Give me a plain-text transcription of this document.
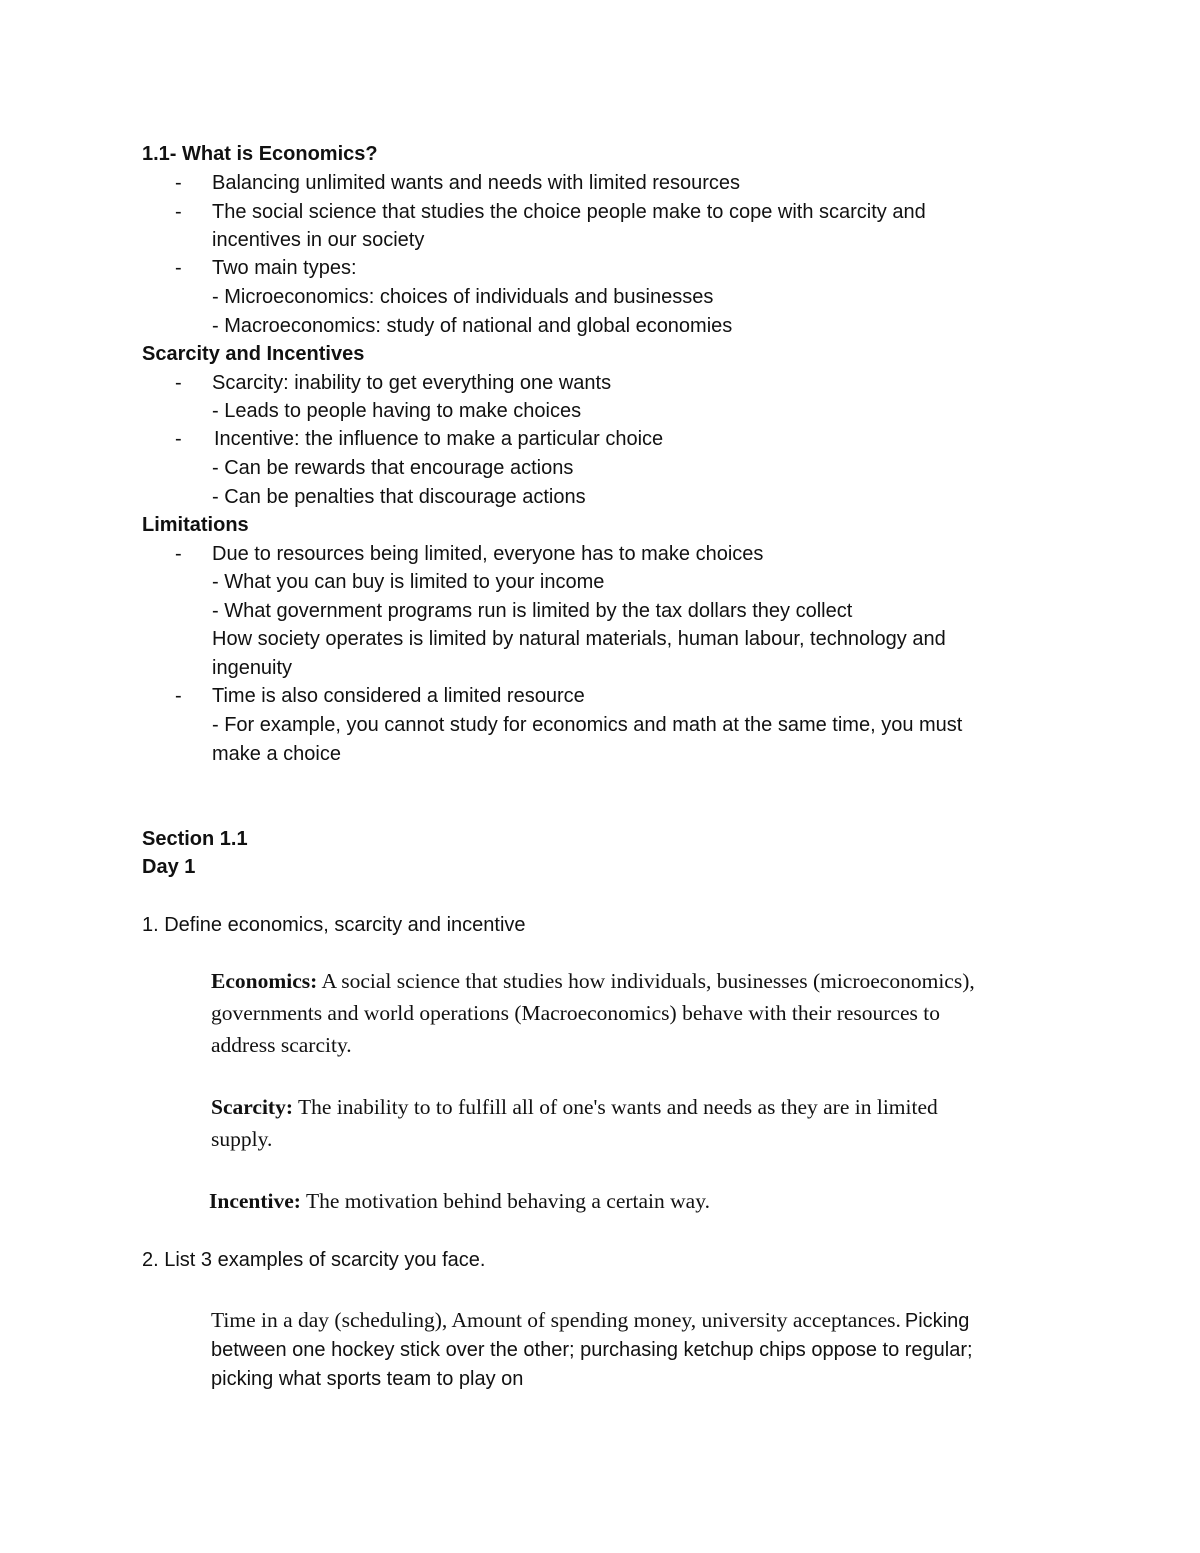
1.1- What is Economics?
- Balancing unlimited wants and needs with limited resources
- The social science that studies the choice people make to cope with scarcity and
incentives in our society
- Two main types:
- Microeconomics: choices of individuals and businesses
- Macroeconomics: study of national and global economies
Scarcity and Incentives
- Scarcity: inability to get everything one wants
- Leads to people having to make choices
- Incentive: the influence to make a particular choice
- Can be rewards that encourage actions
- Can be penalties that discourage actions
Limitations
- Due to resources being limited, everyone has to make choices
- What you can buy is limited to your income
- What government programs run is limited by the tax dollars they collect
How society operates is limited by natural materials, human labour, technology and
ingenuity
- Time is also considered a limited resource
- For example, you cannot study for economics and math at the same time, you must
make a choice
Section 1.1
Day 1
1. Define economics, scarcity and incentive
Economics: A social science that studies how individuals, businesses (microeconomics),
governments and world operations (Macroeconomics) behave with their resources to
address scarcity.
Scarcity: The inability to to fulfill all of one's wants and needs as they are in limited
supply.
Incentive: The motivation behind behaving a certain way.
2. List 3 examples of scarcity you face.
Time in a day (scheduling), Amount of spending money, university acceptances. Picking
between one hockey stick over the other; purchasing ketchup chips oppose to regular;
picking what sports team to play on
